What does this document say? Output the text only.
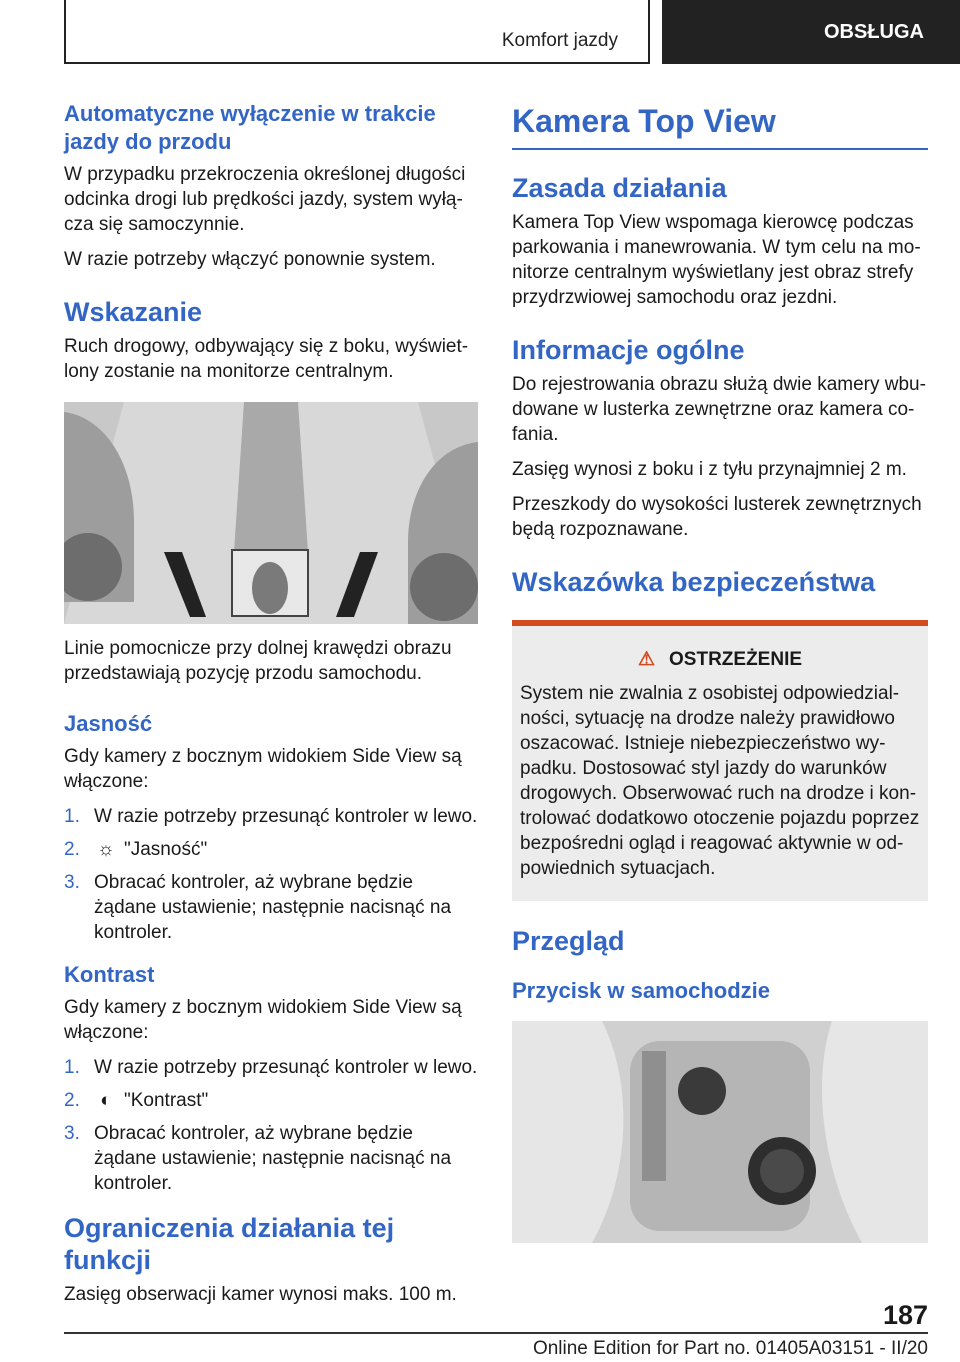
Komfort jazdy	OBSŁUGA
Automatyczne wyłączenie w trakcie jazdy do przodu

W przypadku przekroczenia określonej długości odcinka drogi lub prędkości jazdy, system wyłą‐cza się samoczynnie.

W razie potrzeby włączyć ponownie system.

Wskazanie

Ruch drogowy, odbywający się z boku, wyświet‐lony zostanie na monitorze centralnym.

Linie pomocnicze przy dolnej krawędzi obrazu przedstawiają pozycję przodu samochodu.

Jasność

Gdy kamery z bocznym widokiem Side View są włączone:

1. W razie potrzeby przesunąć kontroler w lewo.
2. ☼ "Jasność"
3. Obracać kontroler, aż wybrane będzie żądane ustawienie; następnie nacisnąć na kontroler.
Kontrast

Gdy kamery z bocznym widokiem Side View są włączone:

1. W razie potrzeby przesunąć kontroler w lewo.
2. ◐ "Kontrast"
3. Obracać kontroler, aż wybrane będzie żądane ustawienie; następnie nacisnąć na kontroler.
Ograniczenia działania tej funkcji

Zasięg obserwacji kamer wynosi maks. 100 m.

Kamera Top View
Zasada działania

Kamera Top View wspomaga kierowcę podczas parkowania i manewrowania. W tym celu na mo‐nitorze centralnym wyświetlany jest obraz strefy przydrzwiowej samochodu oraz jezdni.

Informacje ogólne

Do rejestrowania obrazu służą dwie kamery wbu‐dowane w lusterka zewnętrzne oraz kamera co‐fania.

Zasięg wynosi z boku i z tyłu przynajmniej 2 m.

Przeszkody do wysokości lusterek zewnętrznych będą rozpoznawane.

Wskazówka bezpieczeństwa
⚠ OSTRZEŻENIE

System nie zwalnia z osobistej odpowiedzial‐ności, sytuację na drodze należy prawidłowo oszacować. Istnieje niebezpieczeństwo wy‐padku. Dostosować styl jazdy do warunków drogowych. Obserwować ruch na drodze i kon‐trolować dodatkowo otoczenie pojazdu poprzez bezpośredni ogląd i reagować aktywnie w od‐powiednich sytuacjach.

Przegląd
Przycisk w samochodzie
187
Online Edition for Part no. 01405A03151 - II/20
